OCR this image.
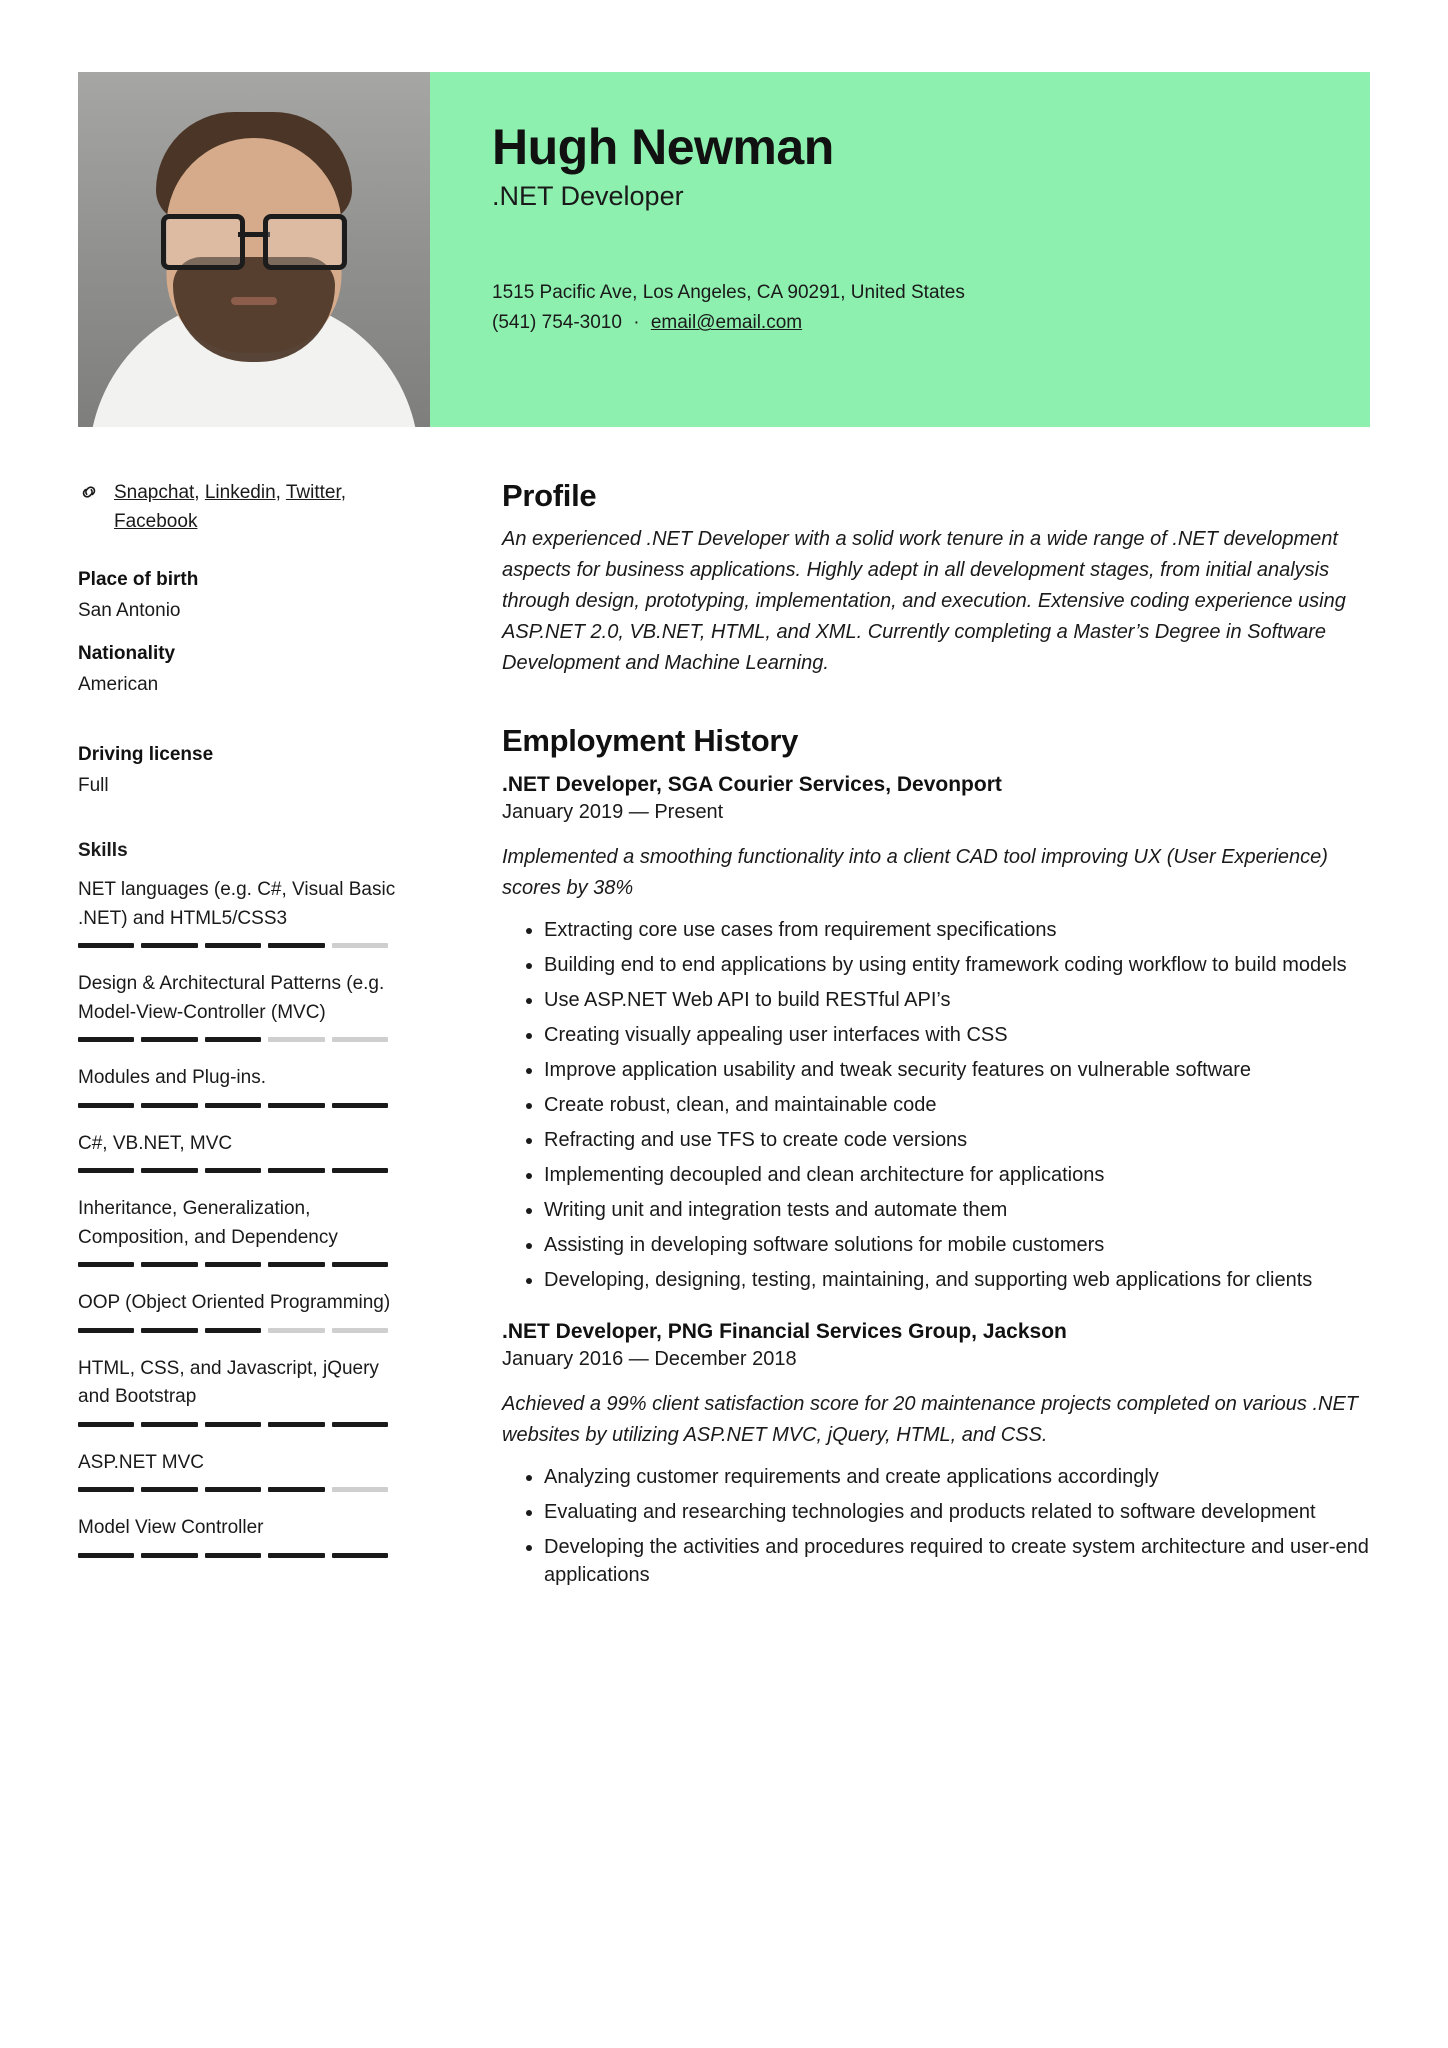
Hugh Newman
.NET Developer
1515 Pacific Ave, Los Angeles, CA 90291, United States
(541) 754-3010 · email@email.com
Snapchat, Linkedin, Twitter, Facebook
Place of birth

San Antonio

Nationality

American

Driving license

Full

Skills

NET languages (e.g. C#, Visual Basic .NET) and HTML5/CSS3

Design & Architectural Patterns (e.g. Model-View-Controller (MVC)

Modules and Plug-ins.

C#, VB.NET, MVC

Inheritance, Generalization, Composition, and Dependency

OOP (Object Oriented Programming)

HTML, CSS, and Javascript, jQuery and Bootstrap

ASP.NET MVC

Model View Controller

Profile

An experienced .NET Developer with a solid work tenure in a wide range of .NET development aspects for business applications. Highly adept in all development stages, from initial analysis through design, prototyping, implementation, and execution. Extensive coding experience using ASP.NET 2.0, VB.NET, HTML, and XML. Currently completing a Master’s Degree in Software Development and Machine Learning.

Employment History
.NET Developer, SGA Courier Services, Devonport

January 2019 — Present

Implemented a smoothing functionality into a client CAD tool improving UX (User Experience) scores by 38%

• Extracting core use cases from requirement specifications
• Building end to end applications by using entity framework coding workflow to build models
• Use ASP.NET Web API to build RESTful API’s
• Creating visually appealing user interfaces with CSS
• Improve application usability and tweak security features on vulnerable software
• Create robust, clean, and maintainable code
• Refracting and use TFS to create code versions
• Implementing decoupled and clean architecture for applications
• Writing unit and integration tests and automate them
• Assisting in developing software solutions for mobile customers
• Developing, designing, testing, maintaining, and supporting web applications for clients
.NET Developer, PNG Financial Services Group, Jackson

January 2016 — December 2018

Achieved a 99% client satisfaction score for 20 maintenance projects completed on various .NET websites by utilizing ASP.NET MVC, jQuery, HTML, and CSS.

• Analyzing customer requirements and create applications accordingly
• Evaluating and researching technologies and products related to software development
• Developing the activities and procedures required to create system architecture and user-end applications
